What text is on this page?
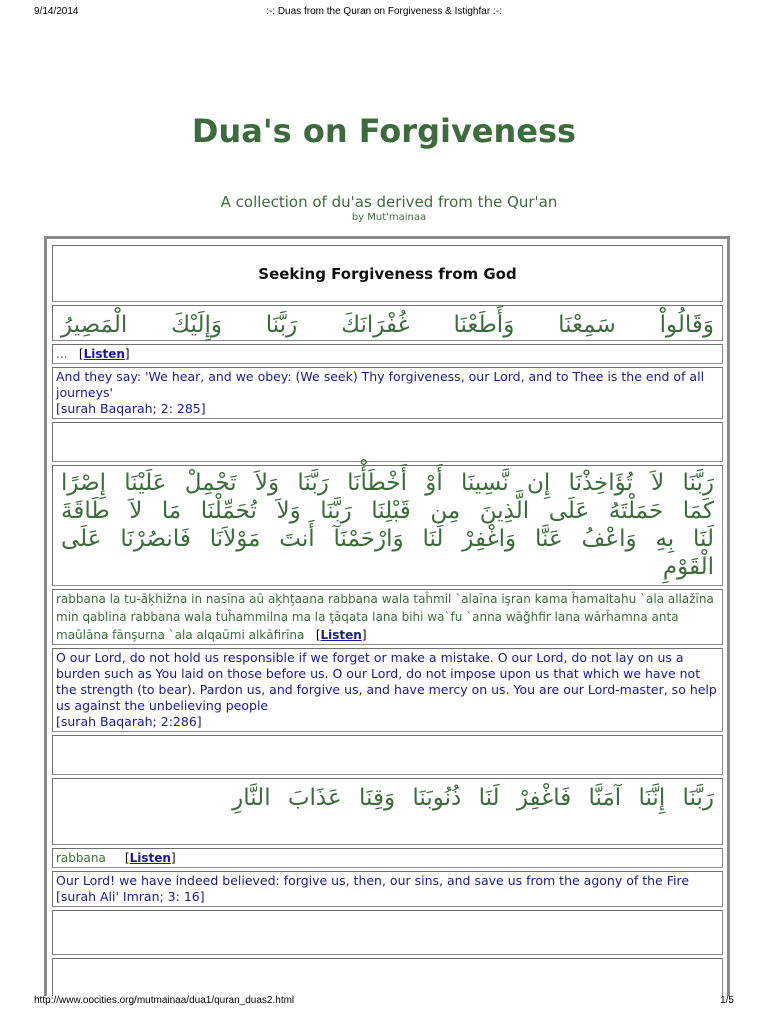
9/14/2014	:-: Duas from the Quran on Forgiveness & Istighfar :-:
Dua's on Forgiveness
A collection of du'as derived from the Qur'an
by Mut'mainaa
Seeking Forgiveness from God
وَقَالُواْ سَمِعْنَا وَأَطَعْنَا غُفْرَانَكَ رَبَّنَا وَإِلَيْكَ الْمَصِيرُ
... [Listen]
And they say: 'We hear, and we obey: (We seek) Thy forgiveness, our Lord, and to Thee is the end of all journeys'
[surah Baqarah; 2: 285]
رَبَّنَا لاَ تُؤَاخِذْنَا إِن نَّسِينَا أَوْ أَخْطَأْنَا رَبَّنَا وَلاَ تَحْمِلْ عَلَيْنَا إِصْرًا كَمَا حَمَلْتَهُ عَلَى الَّذِينَ مِن قَبْلِنَا رَبَّنَا وَلاَ تُحَمِّلْنَا مَا لاَ طَاقَةَ لَنَا بِهِ وَاعْفُ عَنَّا وَاغْفِرْ لَنَا وَارْحَمْنَآ أَنتَ مَوْلاَنَا فَانصُرْنَا عَلَى الْقَوْمِ
rabbana la tu-āķhižna in nasīna aū aķhţaana rabbana wala taĥmil `alaīna işran kama ĥamaltahu `ala allažīna min qablina rabbana wala tuĥammilna ma la ţāqata lana bihi wa`fu `anna wāğhfir lana wārĥamna anta maūlāna fānşurna `ala alqaūmi alkāfirīna [Listen]
O our Lord, do not hold us responsible if we forget or make a mistake. O our Lord, do not lay on us a burden such as You laid on those before us. O our Lord, do not impose upon us that which we have not the strength (to bear). Pardon us, and forgive us, and have mercy on us. You are our Lord-master, so help us against the unbelieving people
[surah Baqarah; 2:286]
رَبَّنَا إِنَّنَا آمَنَّا فَاغْفِرْ لَنَا ذُنُوبَنَا وَقِنَا عَذَابَ النَّارِ
rabbana [Listen]
Our Lord! we have indeed believed: forgive us, then, our sins, and save us from the agony of the Fire
[surah Ali' Imran; 3: 16]
http://www.oocities.org/mutmainaa/dua1/quran_duas2.html	1/5
